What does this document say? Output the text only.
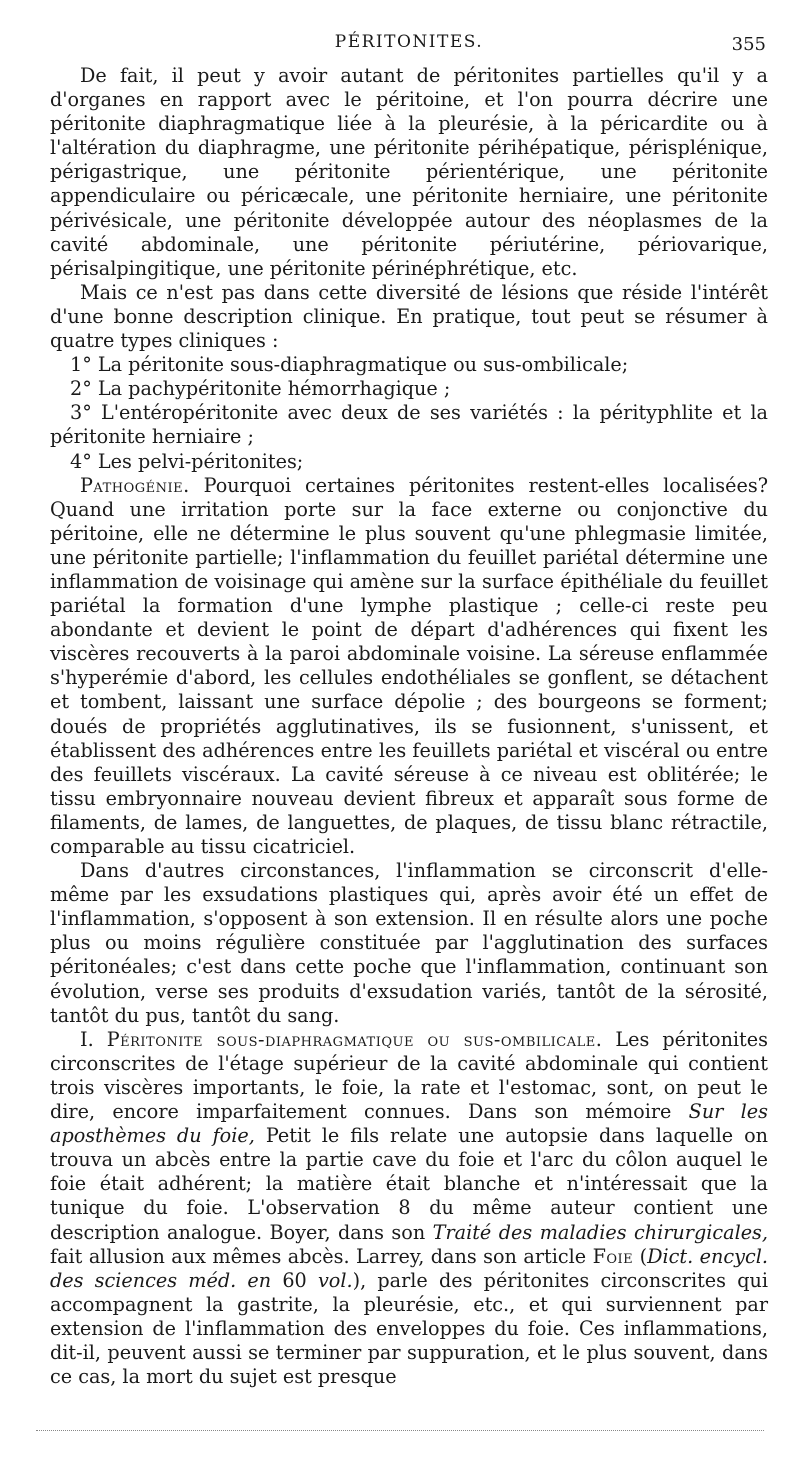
PÉRITONITES.	355

De fait, il peut y avoir autant de péritonites partielles qu'il y a d'organes en rapport avec le péritoine, et l'on pourra décrire une péritonite diaphragmatique liée à la pleurésie, à la péricardite ou à l'altération du diaphragme, une péritonite périhépatique, périsplénique, périgastrique, une péritonite périentérique, une péritonite appendiculaire ou péricæcale, une péritonite herniaire, une péritonite périvésicale, une péritonite développée autour des néoplasmes de la cavité abdominale, une péritonite périutérine, périovarique, périsalpingitique, une péritonite périnéphrétique, etc.

Mais ce n'est pas dans cette diversité de lésions que réside l'intérêt d'une bonne description clinique. En pratique, tout peut se résumer à quatre types cliniques :

1° La péritonite sous-diaphragmatique ou sus-ombilicale;

2° La pachypéritonite hémorrhagique ;

3° L'entéropéritonite avec deux de ses variétés : la pérityphlite et la péritonite herniaire ;

4° Les pelvi-péritonites;

Pathogénie. Pourquoi certaines péritonites restent-elles localisées? Quand une irritation porte sur la face externe ou conjonctive du péritoine, elle ne détermine le plus souvent qu'une phlegmasie limitée, une péritonite partielle; l'inflammation du feuillet pariétal détermine une inflammation de voisinage qui amène sur la surface épithéliale du feuillet pariétal la formation d'une lymphe plastique ; celle-ci reste peu abondante et devient le point de départ d'adhérences qui fixent les viscères recouverts à la paroi abdominale voisine. La séreuse enflammée s'hyperémie d'abord, les cellules endothéliales se gonflent, se détachent et tombent, laissant une surface dépolie ; des bourgeons se forment; doués de propriétés agglutinatives, ils se fusionnent, s'unissent, et établissent des adhérences entre les feuillets pariétal et viscéral ou entre des feuillets viscéraux. La cavité séreuse à ce niveau est oblitérée; le tissu embryonnaire nouveau devient fibreux et apparaît sous forme de filaments, de lames, de languettes, de plaques, de tissu blanc rétractile, comparable au tissu cicatriciel.

Dans d'autres circonstances, l'inflammation se circonscrit d'elle-même par les exsudations plastiques qui, après avoir été un effet de l'inflammation, s'opposent à son extension. Il en résulte alors une poche plus ou moins régulière constituée par l'agglutination des surfaces péritonéales; c'est dans cette poche que l'inflammation, continuant son évolution, verse ses produits d'exsudation variés, tantôt de la sérosité, tantôt du pus, tantôt du sang.

I. Péritonite sous-diaphragmatique ou sus-ombilicale. Les péritonites circonscrites de l'étage supérieur de la cavité abdominale qui contient trois viscères importants, le foie, la rate et l'estomac, sont, on peut le dire, encore imparfaitement connues. Dans son mémoire Sur les aposthèmes du foie, Petit le fils relate une autopsie dans laquelle on trouva un abcès entre la partie cave du foie et l'arc du côlon auquel le foie était adhérent; la matière était blanche et n'intéressait que la tunique du foie. L'observation 8 du même auteur contient une description analogue. Boyer, dans son Traité des maladies chirurgicales, fait allusion aux mêmes abcès. Larrey, dans son article Foie (Dict. encycl. des sciences méd. en 60 vol.), parle des péritonites circonscrites qui accompagnent la gastrite, la pleurésie, etc., et qui surviennent par extension de l'inflammation des enveloppes du foie. Ces inflammations, dit-il, peuvent aussi se terminer par suppuration, et le plus souvent, dans ce cas, la mort du sujet est presque
